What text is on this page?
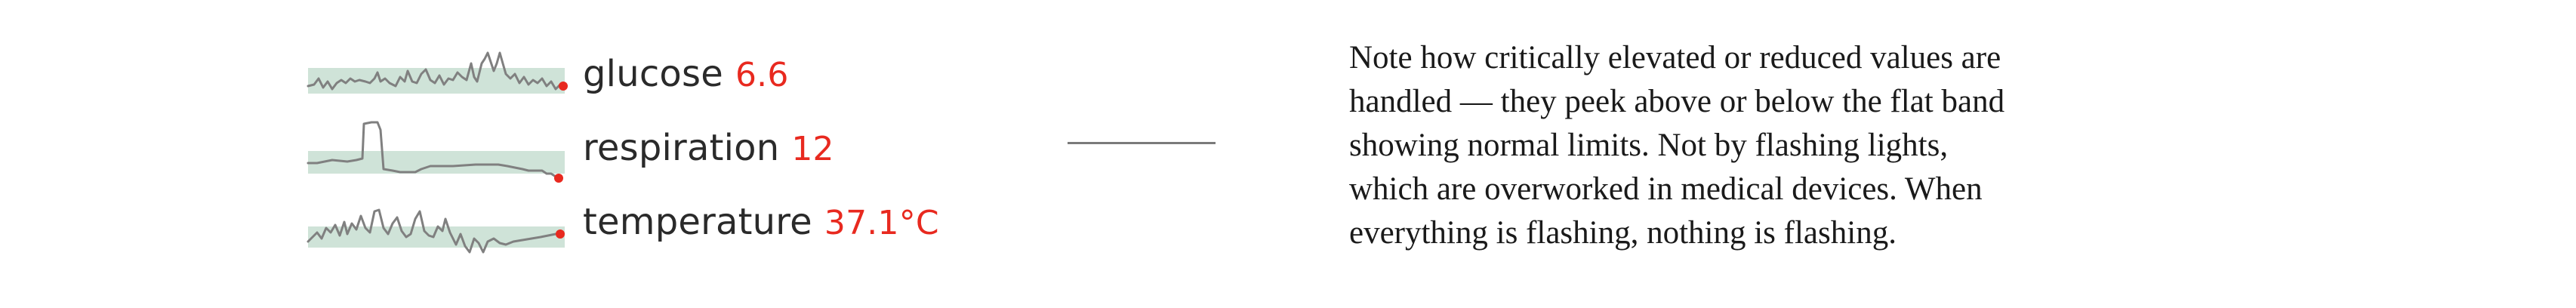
glucose 6.6
respiration 12
temperature 37.1°C
Note how critically elevated or reduced values are
handled — they peek above or below the flat band
showing normal limits. Not by flashing lights,
which are overworked in medical devices. When
everything is flashing, nothing is flashing.
